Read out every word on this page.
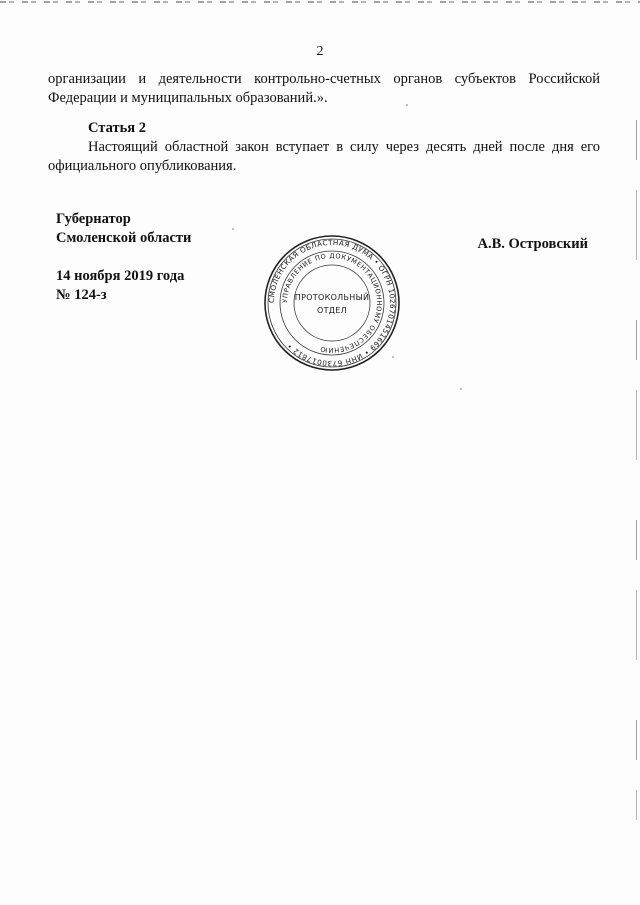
2
организации и деятельности контрольно-счетных органов субъектов Российской Федерации и муниципальных образований.».
Статья 2
Настоящий областной закон вступает в силу через десять дней после дня его официального опубликования.
Губернатор
Смоленской области
14 ноября 2019 года
№ 124-з
А.В. Островский
СМОЛЕНСКАЯ ОБЛАСТНАЯ ДУМА • ОГРН 1026701451669 • ИНН 6730017812 •
УПРАВЛЕНИЕ ПО ДОКУМЕНТАЦИОННОМУ ОБЕСПЕЧЕНИЮ
ПРОТОКОЛЬНЫЙ
ОТДЕЛ
